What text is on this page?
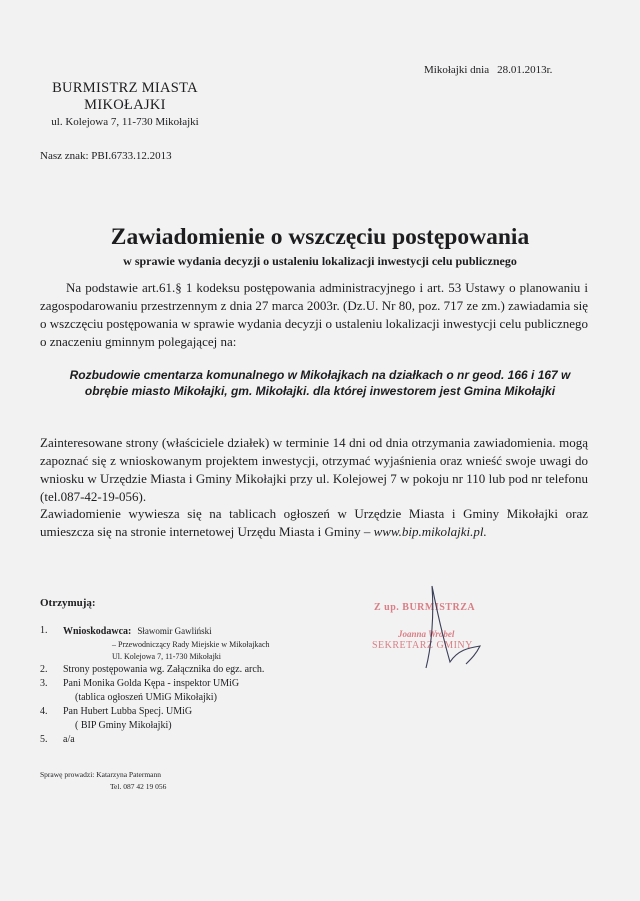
Mikołajki dnia 28.01.2013r.
BURMISTRZ MIASTA
MIKOŁAJKI
ul. Kolejowa 7, 11-730 Mikołajki
Nasz znak: PBI.6733.12.2013
Zawiadomienie o wszczęciu postępowania
w sprawie wydania decyzji o ustaleniu lokalizacji inwestycji celu publicznego
Na podstawie art.61.§ 1 kodeksu postępowania administracyjnego i art. 53 Ustawy o planowaniu i zagospodarowaniu przestrzennym z dnia 27 marca 2003r. (Dz.U. Nr 80, poz. 717 ze zm.) zawiadamia się o wszczęciu postępowania w sprawie wydania decyzji o ustaleniu lokalizacji inwestycji celu publicznego o znaczeniu gminnym polegającej na:
Rozbudowie cmentarza komunalnego w Mikołajkach na działkach o nr geod. 166 i 167 w obrębie miasto Mikołajki, gm. Mikołajki. dla której inwestorem jest Gmina Mikołajki
Zainteresowane strony (właściciele działek) w terminie 14 dni od dnia otrzymania zawiadomienia. mogą zapoznać się z wnioskowanym projektem inwestycji, otrzymać wyjaśnienia oraz wnieść swoje uwagi do wniosku w Urzędzie Miasta i Gminy Mikołajki przy ul. Kolejowej 7 w pokoju nr 110 lub pod nr telefonu (tel.087-42-19-056).
Zawiadomienie wywiesza się na tablicach ogłoszeń w Urzędzie Miasta i Gminy Mikołajki oraz umieszcza się na stronie internetowej Urzędu Miasta i Gminy – www.bip.mikolajki.pl.
Otrzymują:
1. Wnioskodawca: Sławomir Gawliński
– Przewodniczący Rady Miejskie w Mikołajkach
Ul. Kolejowa 7, 11-730 Mikołajki
2. Strony postępowania wg. Załącznika do egz. arch.
3. Pani Monika Golda Kępa - inspektor UMiG
(tablica ogłoszeń UMiG Mikołajki)
4. Pan Hubert Lubba Specj. UMiG
( BIP Gminy Mikołajki)
5. a/a
Z up. BURMISTRZA
Joanna Wróbel
SEKRETARZ GMINY
Sprawę prowadzi: Katarzyna Patermann
Tel. 087 42 19 056
